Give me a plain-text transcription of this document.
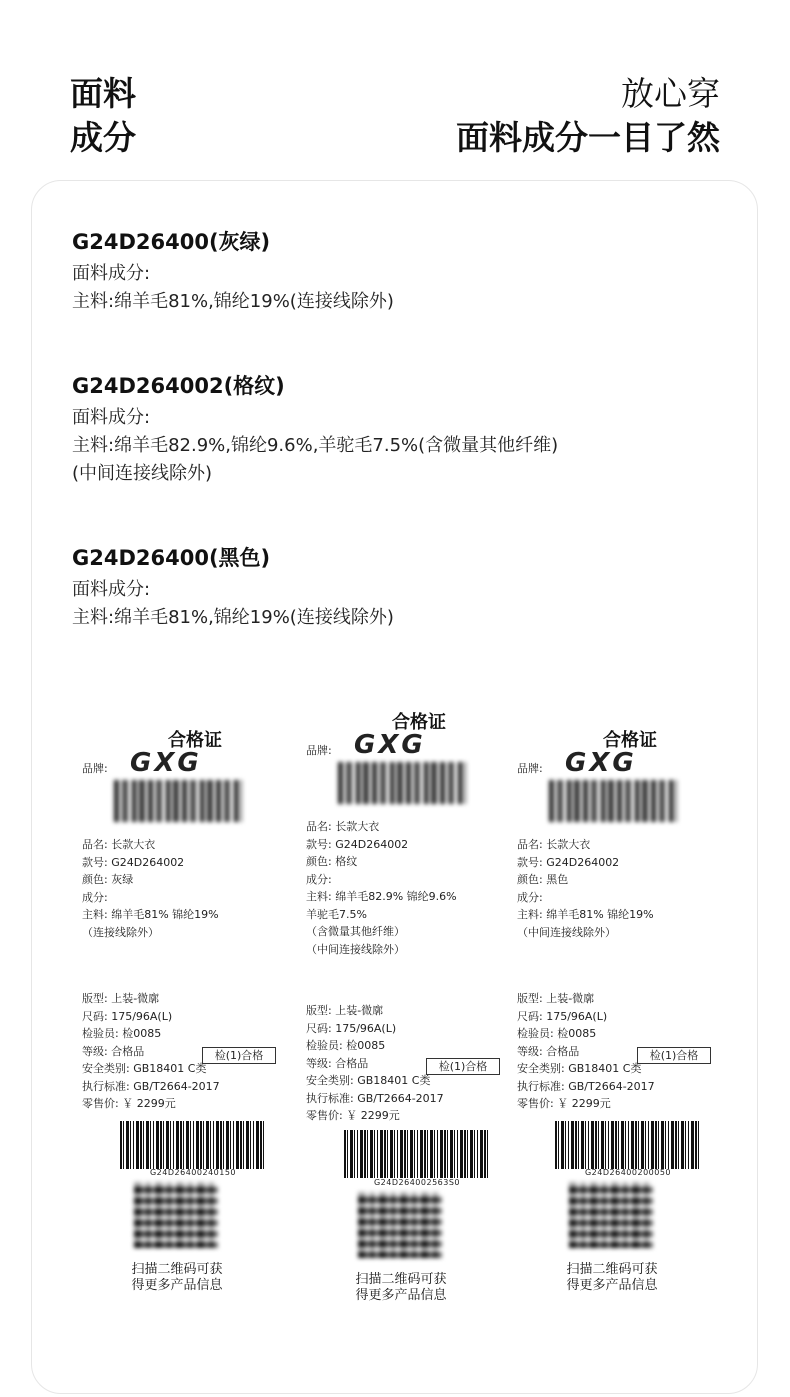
面料
成分
放心穿
面料成分一目了然
G24D26400(灰绿)
面料成分:
主料:绵羊毛81%,锦纶19%(连接线除外)
G24D264002(格纹)
面料成分:
主料:绵羊毛82.9%,锦纶9.6%,羊驼毛7.5%(含微量其他纤维)
(中间连接线除外)
G24D26400(黑色)
面料成分:
主料:绵羊毛81%,锦纶19%(连接线除外)
合格证
品牌: GXG
品名: 长款大衣
款号: G24D264002
颜色: 灰绿
成分:
主料: 绵羊毛81% 锦纶19%
（连接线除外）
版型: 上装-微廓
尺码: 175/96A(L)
检验员: 检0085
等级: 合格品
安全类别: GB18401 C类
执行标准: GB/T2664-2017
零售价: ￥ 2299元
检(1)合格
G24D26400240150
扫描二维码可获
得更多产品信息
合格证
品牌: GXG
品名: 长款大衣
款号: G24D264002
颜色: 格纹
成分:
主料: 绵羊毛82.9% 锦纶9.6%
羊驼毛7.5%
（含微量其他纤维）
（中间连接线除外）
版型: 上装-微廓
尺码: 175/96A(L)
检验员: 检0085
等级: 合格品
安全类别: GB18401 C类
执行标准: GB/T2664-2017
零售价: ￥ 2299元
检(1)合格
G24D264002563S0
扫描二维码可获
得更多产品信息
合格证
品牌: GXG
品名: 长款大衣
款号: G24D264002
颜色: 黑色
成分:
主料: 绵羊毛81% 锦纶19%
（中间连接线除外）
版型: 上装-微廓
尺码: 175/96A(L)
检验员: 检0085
等级: 合格品
安全类别: GB18401 C类
执行标准: GB/T2664-2017
零售价: ￥ 2299元
检(1)合格
G24D26400200050
扫描二维码可获
得更多产品信息
